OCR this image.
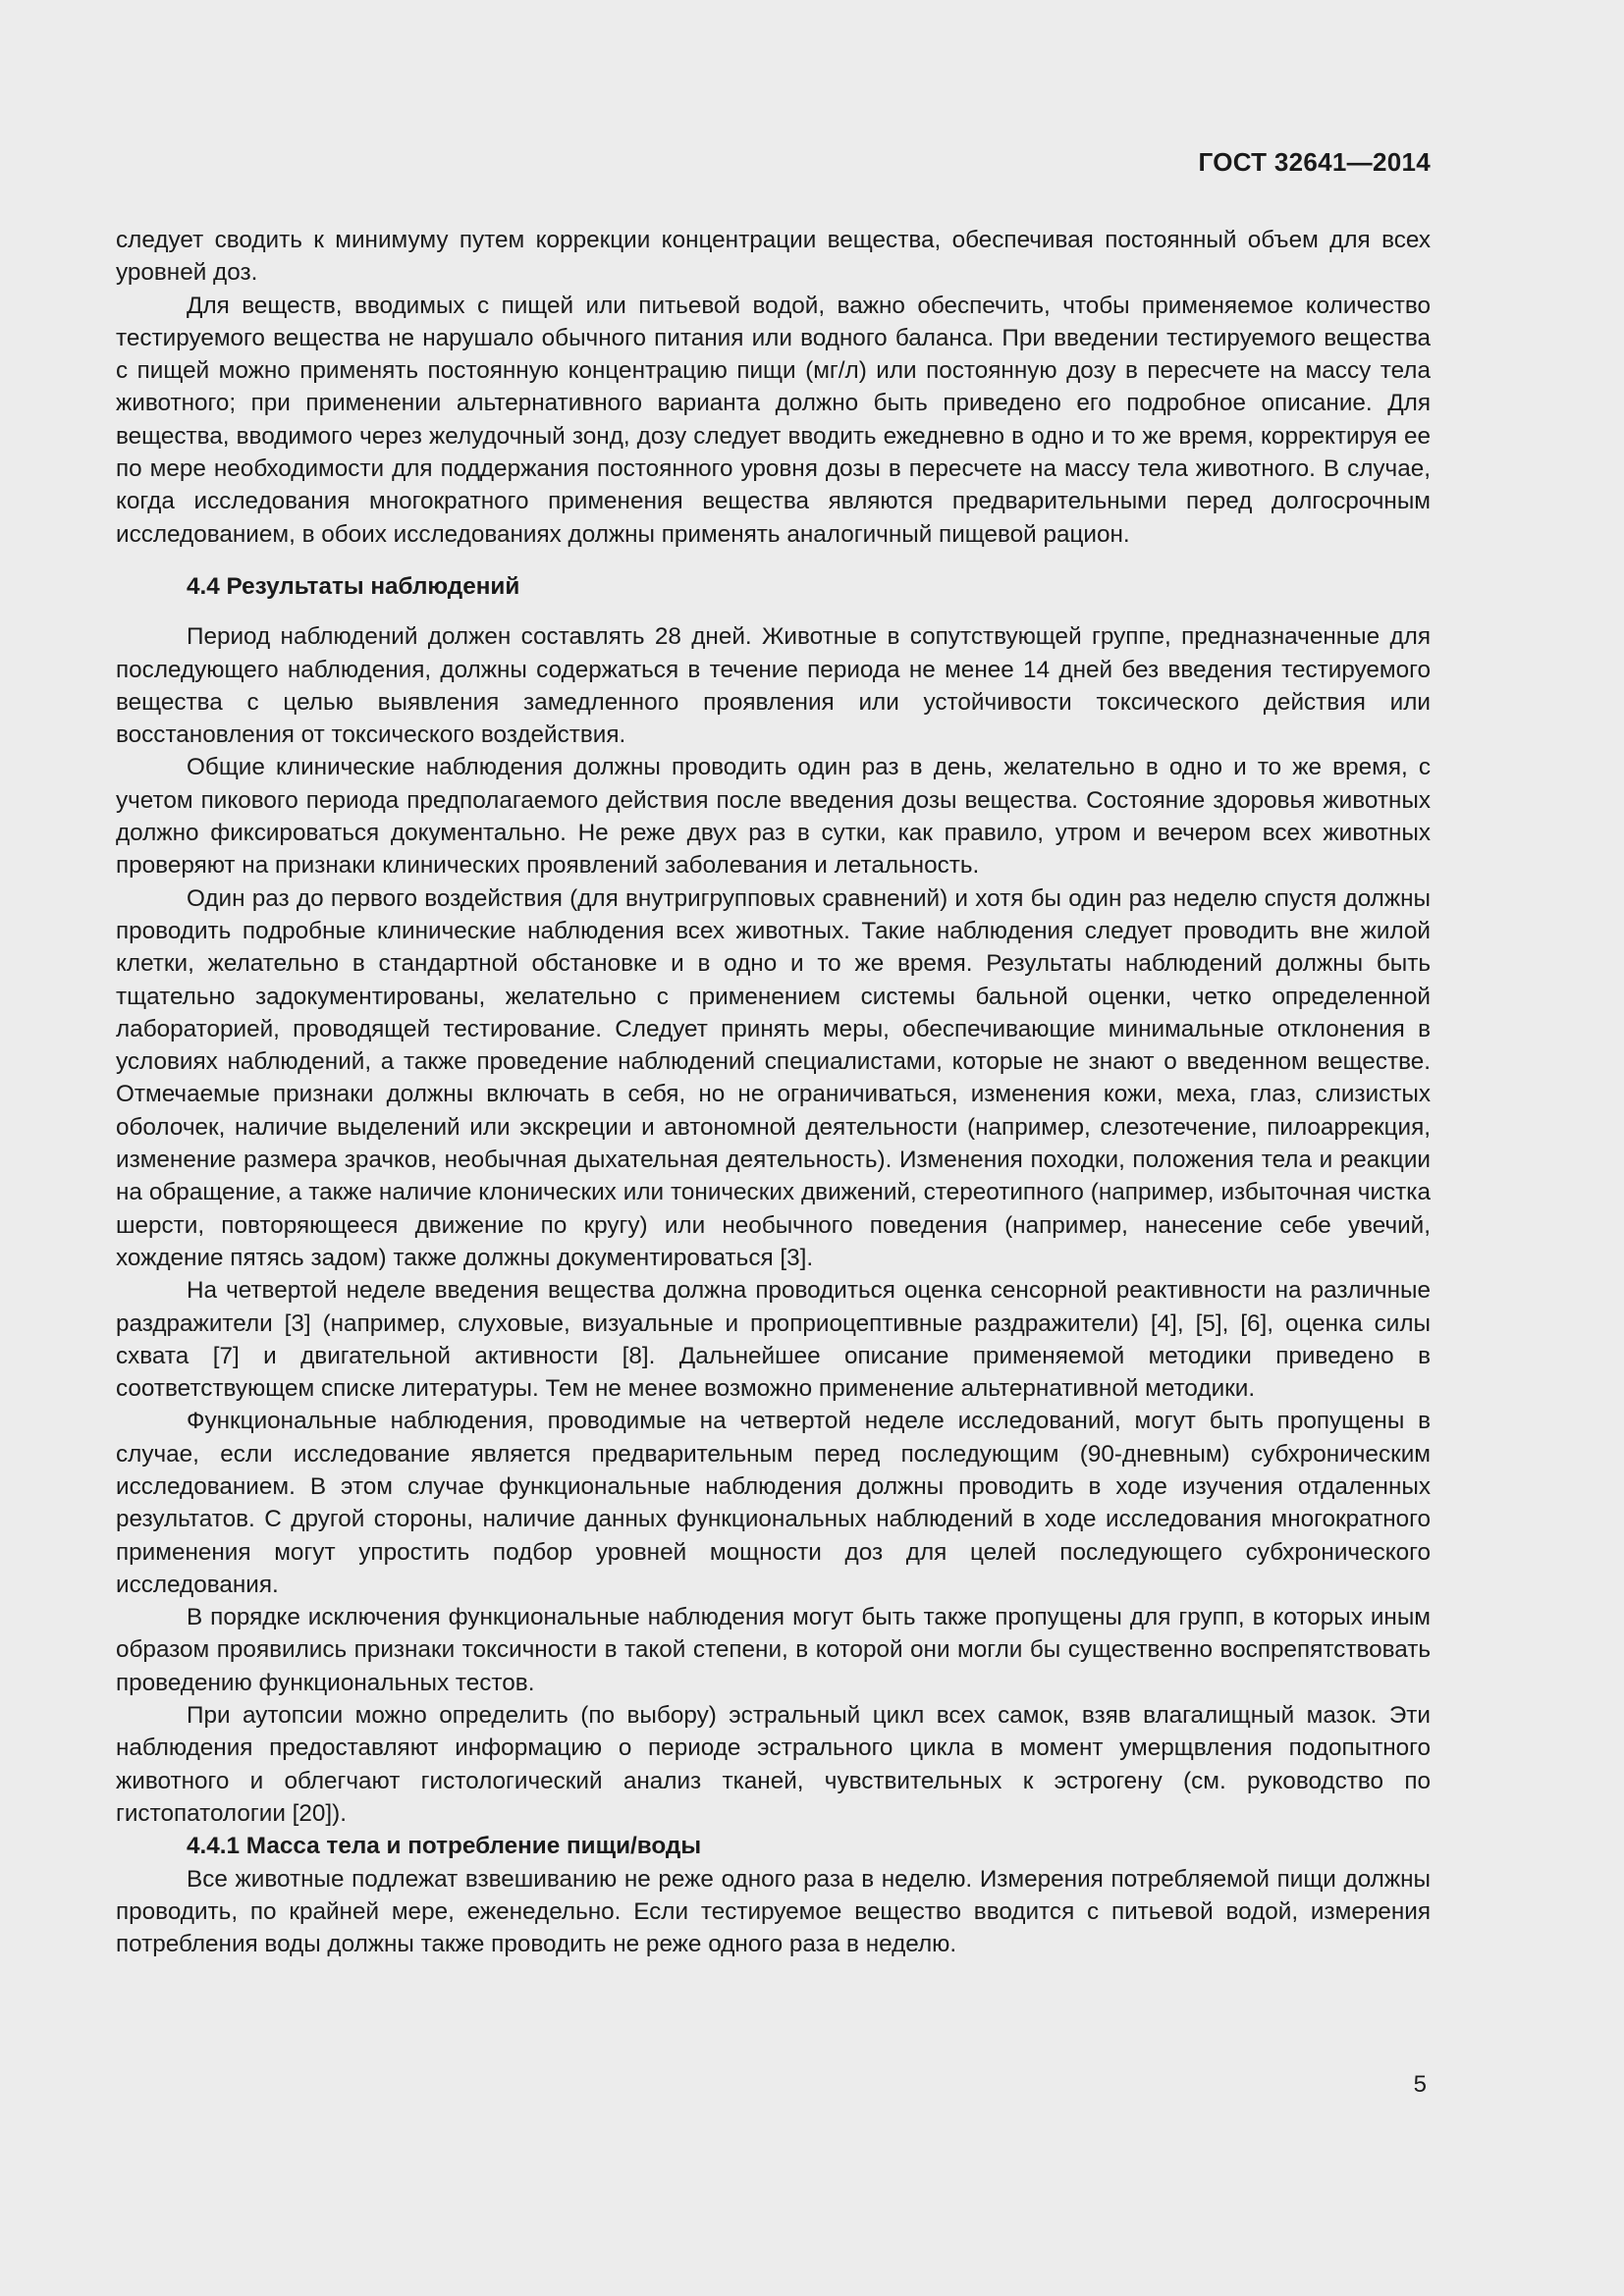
ГОСТ 32641—2014

следует сводить к минимуму путем коррекции концентрации вещества, обеспечивая постоянный объем для всех уровней доз.

Для веществ, вводимых с пищей или питьевой водой, важно обеспечить, чтобы применяемое количество тестируемого вещества не нарушало обычного питания или водного баланса. При введении тестируемого вещества с пищей можно применять постоянную концентрацию пищи (мг/л) или постоянную дозу в пересчете на массу тела животного; при применении альтернативного варианта должно быть приведено его подробное описание. Для вещества, вводимого через желудочный зонд, дозу следует вводить ежедневно в одно и то же время, корректируя ее по мере необходимости для поддержания постоянного уровня дозы в пересчете на массу тела животного. В случае, когда исследования многократного применения вещества являются предварительными перед долгосрочным исследованием, в обоих исследованиях должны применять аналогичный пищевой рацион.

4.4 Результаты наблюдений

Период наблюдений должен составлять 28 дней. Животные в сопутствующей группе, предназначенные для последующего наблюдения, должны содержаться в течение периода не менее 14 дней без введения тестируемого вещества с целью выявления замедленного проявления или устойчивости токсического действия или восстановления от токсического воздействия.

Общие клинические наблюдения должны проводить один раз в день, желательно в одно и то же время, с учетом пикового периода предполагаемого действия после введения дозы вещества. Состояние здоровья животных должно фиксироваться документально. Не реже двух раз в сутки, как правило, утром и вечером всех животных проверяют на признаки клинических проявлений заболевания и летальность.

Один раз до первого воздействия (для внутригрупповых сравнений) и хотя бы один раз неделю спустя должны проводить подробные клинические наблюдения всех животных. Такие наблюдения следует проводить вне жилой клетки, желательно в стандартной обстановке и в одно и то же время. Результаты наблюдений должны быть тщательно задокументированы, желательно с применением системы бальной оценки, четко определенной лабораторией, проводящей тестирование. Следует принять меры, обеспечивающие минимальные отклонения в условиях наблюдений, а также проведение наблюдений специалистами, которые не знают о введенном веществе. Отмечаемые признаки должны включать в себя, но не ограничиваться, изменения кожи, меха, глаз, слизистых оболочек, наличие выделений или экскреции и автономной деятельности (например, слезотечение, пилоаррекция, изменение размера зрачков, необычная дыхательная деятельность). Изменения походки, положения тела и реакции на обращение, а также наличие клонических или тонических движений, стереотипного (например, избыточная чистка шерсти, повторяющееся движение по кругу) или необычного поведения (например, нанесение себе увечий, хождение пятясь задом) также должны документироваться [3].

На четвертой неделе введения вещества должна проводиться оценка сенсорной реактивности на различные раздражители [3] (например, слуховые, визуальные и проприоцептивные раздражители) [4], [5], [6], оценка силы схвата [7] и двигательной активности [8]. Дальнейшее описание применяемой методики приведено в соответствующем списке литературы. Тем не менее возможно применение альтернативной методики.

Функциональные наблюдения, проводимые на четвертой неделе исследований, могут быть пропущены в случае, если исследование является предварительным перед последующим (90-дневным) субхроническим исследованием. В этом случае функциональные наблюдения должны проводить в ходе изучения отдаленных результатов. С другой стороны, наличие данных функциональных наблюдений в ходе исследования многократного применения могут упростить подбор уровней мощности доз для целей последующего субхронического исследования.

В порядке исключения функциональные наблюдения могут быть также пропущены для групп, в которых иным образом проявились признаки токсичности в такой степени, в которой они могли бы существенно воспрепятствовать проведению функциональных тестов.

При аутопсии можно определить (по выбору) эстральный цикл всех самок, взяв влагалищный мазок. Эти наблюдения предоставляют информацию о периоде эстрального цикла в момент умерщвления подопытного животного и облегчают гистологический анализ тканей, чувствительных к эстрогену (см. руководство по гистопатологии [20]).

4.4.1 Масса тела и потребление пищи/воды

Все животные подлежат взвешиванию не реже одного раза в неделю. Измерения потребляемой пищи должны проводить, по крайней мере, еженедельно. Если тестируемое вещество вводится с питьевой водой, измерения потребления воды должны также проводить не реже одного раза в неделю.

5
